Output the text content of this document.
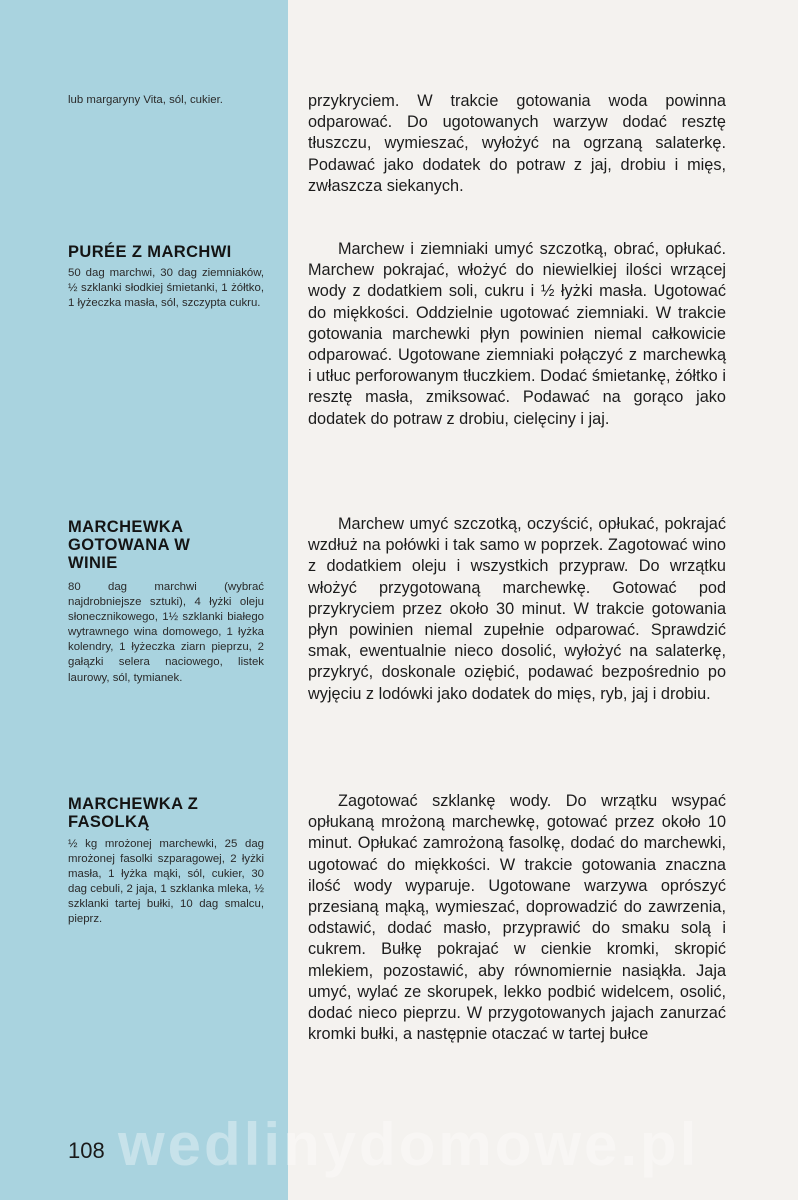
lub margaryny Vita, sól, cukier.
PURÉE Z MARCHWI
50 dag marchwi, 30 dag ziemniaków, ½ szklanki słodkiej śmietanki, 1 żółtko, 1 łyżeczka masła, sól, szczypta cukru.
MARCHEWKA GOTOWANA W WINIE
80 dag marchwi (wybrać najdrobniejsze sztuki), 4 łyżki oleju słonecznikowego, 1½ szklanki białego wytrawnego wina domowego, 1 łyżka kolendry, 1 łyżeczka ziarn pieprzu, 2 gałązki selera naciowego, listek laurowy, sól, tymianek.
MARCHEWKA Z FASOLKĄ
½ kg mrożonej marchewki, 25 dag mrożonej fasolki szparagowej, 2 łyżki masła, 1 łyżka mąki, sól, cukier, 30 dag cebuli, 2 jaja, 1 szklanka mleka, ½ szklanki tartej bułki, 10 dag smalcu, pieprz.
przykryciem. W trakcie gotowania woda powinna odparować. Do ugotowanych warzyw dodać resztę tłuszczu, wymieszać, wyłożyć na ogrzaną salaterkę. Podawać jako dodatek do potraw z jaj, drobiu i mięs, zwłaszcza siekanych.
Marchew i ziemniaki umyć szczotką, obrać, opłukać. Marchew pokrajać, włożyć do niewielkiej ilości wrzącej wody z dodatkiem soli, cukru i ½ łyżki masła. Ugotować do miękkości. Oddzielnie ugotować ziemniaki. W trakcie gotowania marchewki płyn powinien niemal całkowicie odparować. Ugotowane ziemniaki połączyć z marchewką i utłuc perforowanym tłuczkiem. Dodać śmietankę, żółtko i resztę masła, zmiksować. Podawać na gorąco jako dodatek do potraw z drobiu, cielęciny i jaj.
Marchew umyć szczotką, oczyścić, opłukać, pokrajać wzdłuż na połówki i tak samo w poprzek. Zagotować wino z dodatkiem oleju i wszystkich przypraw. Do wrzątku włożyć przygotowaną marchewkę. Gotować pod przykryciem przez około 30 minut. W trakcie gotowania płyn powinien niemal zupełnie odparować. Sprawdzić smak, ewentualnie nieco dosolić, wyłożyć na salaterkę, przykryć, doskonale oziębić, podawać bezpośrednio po wyjęciu z lodówki jako dodatek do mięs, ryb, jaj i drobiu.
Zagotować szklankę wody. Do wrzątku wsypać opłukaną mrożoną marchewkę, gotować przez około 10 minut. Opłukać zamrożoną fasolkę, dodać do marchewki, ugotować do miękkości. W trakcie gotowania znaczna ilość wody wyparuje. Ugotowane warzywa oprószyć przesianą mąką, wymieszać, doprowadzić do zawrzenia, odstawić, dodać masło, przyprawić do smaku solą i cukrem. Bułkę pokrajać w cienkie kromki, skropić mlekiem, pozostawić, aby równomiernie nasiąkła. Jaja umyć, wylać ze skorupek, lekko podbić widelcem, osolić, dodać nieco pieprzu. W przygotowanych jajach zanurzać kromki bułki, a następnie otaczać w tartej bułce
wedlinydomowe.pl
108
